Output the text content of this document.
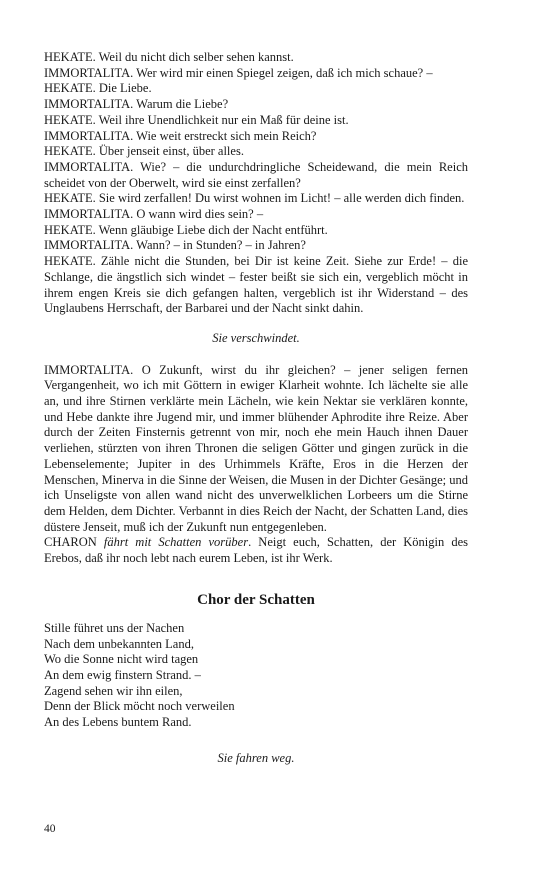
HEKATE. Weil du nicht dich selber sehen kannst.

IMMORTALITA. Wer wird mir einen Spiegel zeigen, daß ich mich schaue? –

HEKATE. Die Liebe.

IMMORTALITA. Warum die Liebe?

HEKATE. Weil ihre Unendlichkeit nur ein Maß für deine ist.

IMMORTALITA. Wie weit erstreckt sich mein Reich?

HEKATE. Über jenseit einst, über alles.

IMMORTALITA. Wie? – die undurchdringliche Scheidewand, die mein Reich scheidet von der Oberwelt, wird sie einst zerfallen?

HEKATE. Sie wird zerfallen! Du wirst wohnen im Licht! – alle werden dich finden.

IMMORTALITA. O wann wird dies sein? –

HEKATE. Wenn gläubige Liebe dich der Nacht entführt.

IMMORTALITA. Wann? – in Stunden? – in Jahren?

HEKATE. Zähle nicht die Stunden, bei Dir ist keine Zeit. Siehe zur Erde! – die Schlange, die ängstlich sich windet – fester beißt sie sich ein, vergeblich möcht in ihrem engen Kreis sie dich gefangen halten, vergeblich ist ihr Widerstand – des Unglaubens Herrschaft, der Barbarei und der Nacht sinkt dahin.

Sie verschwindet.

IMMORTALITA. O Zukunft, wirst du ihr gleichen? – jener seligen fernen Vergangenheit, wo ich mit Göttern in ewiger Klarheit wohnte. Ich lächelte sie alle an, und ihre Stirnen verklärte mein Lächeln, wie kein Nektar sie verklären konnte, und Hebe dankte ihre Jugend mir, und immer blühender Aphrodite ihre Reize. Aber durch der Zeiten Finsternis getrennt von mir, noch ehe mein Hauch ihnen Dauer verliehen, stürzten von ihren Thronen die seligen Götter und gingen zurück in die Lebenselemente; Jupiter in des Urhimmels Kräfte, Eros in die Herzen der Menschen, Minerva in die Sinne der Weisen, die Musen in der Dichter Gesänge; und ich Unseligste von allen wand nicht des unverwelklichen Lorbeers um die Stirne dem Helden, dem Dichter. Verbannt in dies Reich der Nacht, der Schatten Land, dies düstere Jenseit, muß ich der Zukunft nun entgegenleben.

CHARON fährt mit Schatten vorüber. Neigt euch, Schatten, der Königin des Erebos, daß ihr noch lebt nach eurem Leben, ist ihr Werk.

Chor der Schatten

Stille führet uns der Nachen

Nach dem unbekannten Land,

Wo die Sonne nicht wird tagen

An dem ewig finstern Strand. –

Zagend sehen wir ihn eilen,

Denn der Blick möcht noch verweilen

An des Lebens buntem Rand.

Sie fahren weg.

40
